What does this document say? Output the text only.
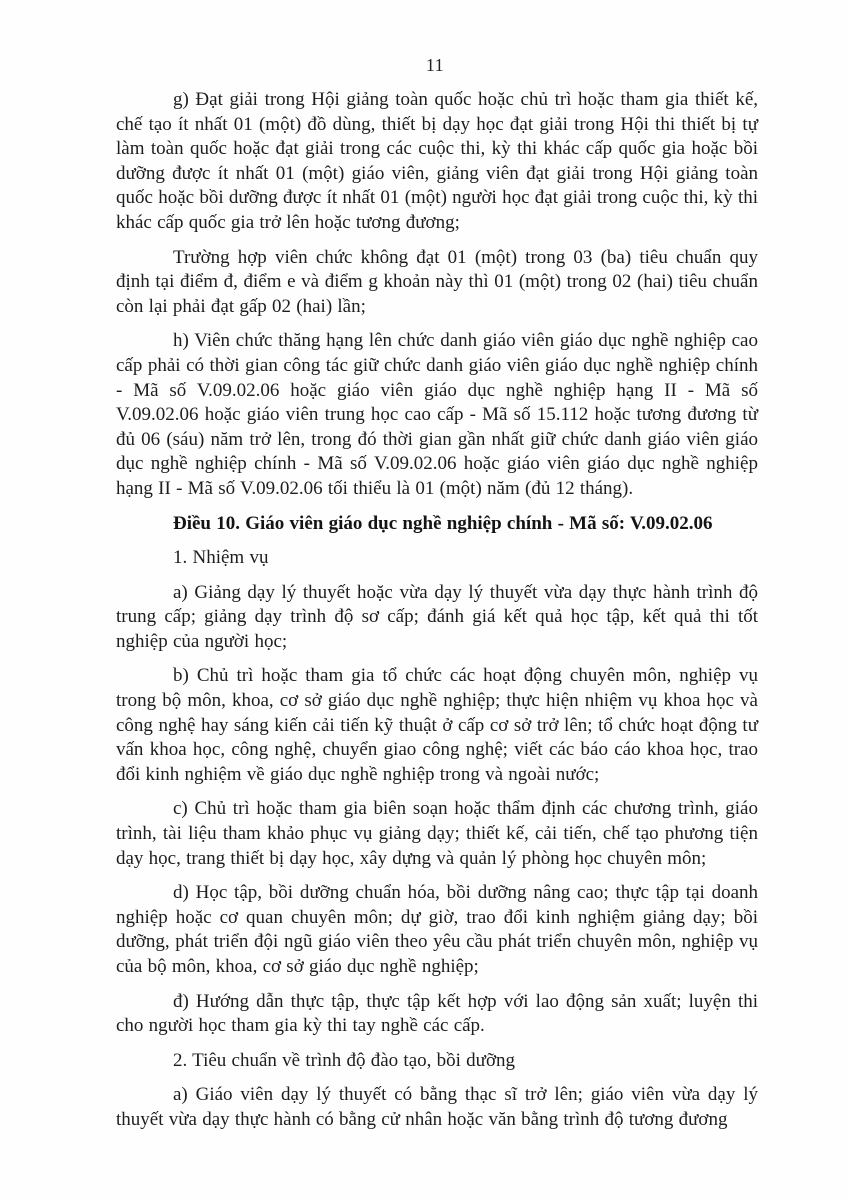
11

g) Đạt giải trong Hội giảng toàn quốc hoặc chủ trì hoặc tham gia thiết kế, chế tạo ít nhất 01 (một) đồ dùng, thiết bị dạy học đạt giải trong Hội thi thiết bị tự làm toàn quốc hoặc đạt giải trong các cuộc thi, kỳ thi khác cấp quốc gia hoặc bồi dưỡng được ít nhất 01 (một) giáo viên, giảng viên đạt giải trong Hội giảng toàn quốc hoặc bồi dưỡng được ít nhất 01 (một) người học đạt giải trong cuộc thi, kỳ thi khác cấp quốc gia trở lên hoặc tương đương;

Trường hợp viên chức không đạt 01 (một) trong 03 (ba) tiêu chuẩn quy định tại điểm đ, điểm e và điểm g khoản này thì 01 (một) trong 02 (hai) tiêu chuẩn còn lại phải đạt gấp 02 (hai) lần;

h) Viên chức thăng hạng lên chức danh giáo viên giáo dục nghề nghiệp cao cấp phải có thời gian công tác giữ chức danh giáo viên giáo dục nghề nghiệp chính - Mã số V.09.02.06 hoặc giáo viên giáo dục nghề nghiệp hạng II - Mã số V.09.02.06 hoặc giáo viên trung học cao cấp - Mã số 15.112 hoặc tương đương từ đủ 06 (sáu) năm trở lên, trong đó thời gian gần nhất giữ chức danh giáo viên giáo dục nghề nghiệp chính - Mã số V.09.02.06 hoặc giáo viên giáo dục nghề nghiệp hạng II - Mã số V.09.02.06 tối thiểu là 01 (một) năm (đủ 12 tháng).

Điều 10. Giáo viên giáo dục nghề nghiệp chính - Mã số: V.09.02.06

1. Nhiệm vụ

a) Giảng dạy lý thuyết hoặc vừa dạy lý thuyết vừa dạy thực hành trình độ trung cấp; giảng dạy trình độ sơ cấp; đánh giá kết quả học tập, kết quả thi tốt nghiệp của người học;

b) Chủ trì hoặc tham gia tổ chức các hoạt động chuyên môn, nghiệp vụ trong bộ môn, khoa, cơ sở giáo dục nghề nghiệp; thực hiện nhiệm vụ khoa học và công nghệ hay sáng kiến cải tiến kỹ thuật ở cấp cơ sở trở lên; tổ chức hoạt động tư vấn khoa học, công nghệ, chuyển giao công nghệ; viết các báo cáo khoa học, trao đổi kinh nghiệm về giáo dục nghề nghiệp trong và ngoài nước;

c) Chủ trì hoặc tham gia biên soạn hoặc thẩm định các chương trình, giáo trình, tài liệu tham khảo phục vụ giảng dạy; thiết kế, cải tiến, chế tạo phương tiện dạy học, trang thiết bị dạy học, xây dựng và quản lý phòng học chuyên môn;

d) Học tập, bồi dưỡng chuẩn hóa, bồi dưỡng nâng cao; thực tập tại doanh nghiệp hoặc cơ quan chuyên môn; dự giờ, trao đổi kinh nghiệm giảng dạy; bồi dưỡng, phát triển đội ngũ giáo viên theo yêu cầu phát triển chuyên môn, nghiệp vụ của bộ môn, khoa, cơ sở giáo dục nghề nghiệp;

đ) Hướng dẫn thực tập, thực tập kết hợp với lao động sản xuất; luyện thi cho người học tham gia kỳ thi tay nghề các cấp.

2. Tiêu chuẩn về trình độ đào tạo, bồi dưỡng

a) Giáo viên dạy lý thuyết có bằng thạc sĩ trở lên; giáo viên vừa dạy lý thuyết vừa dạy thực hành có bằng cử nhân hoặc văn bằng trình độ tương đương
